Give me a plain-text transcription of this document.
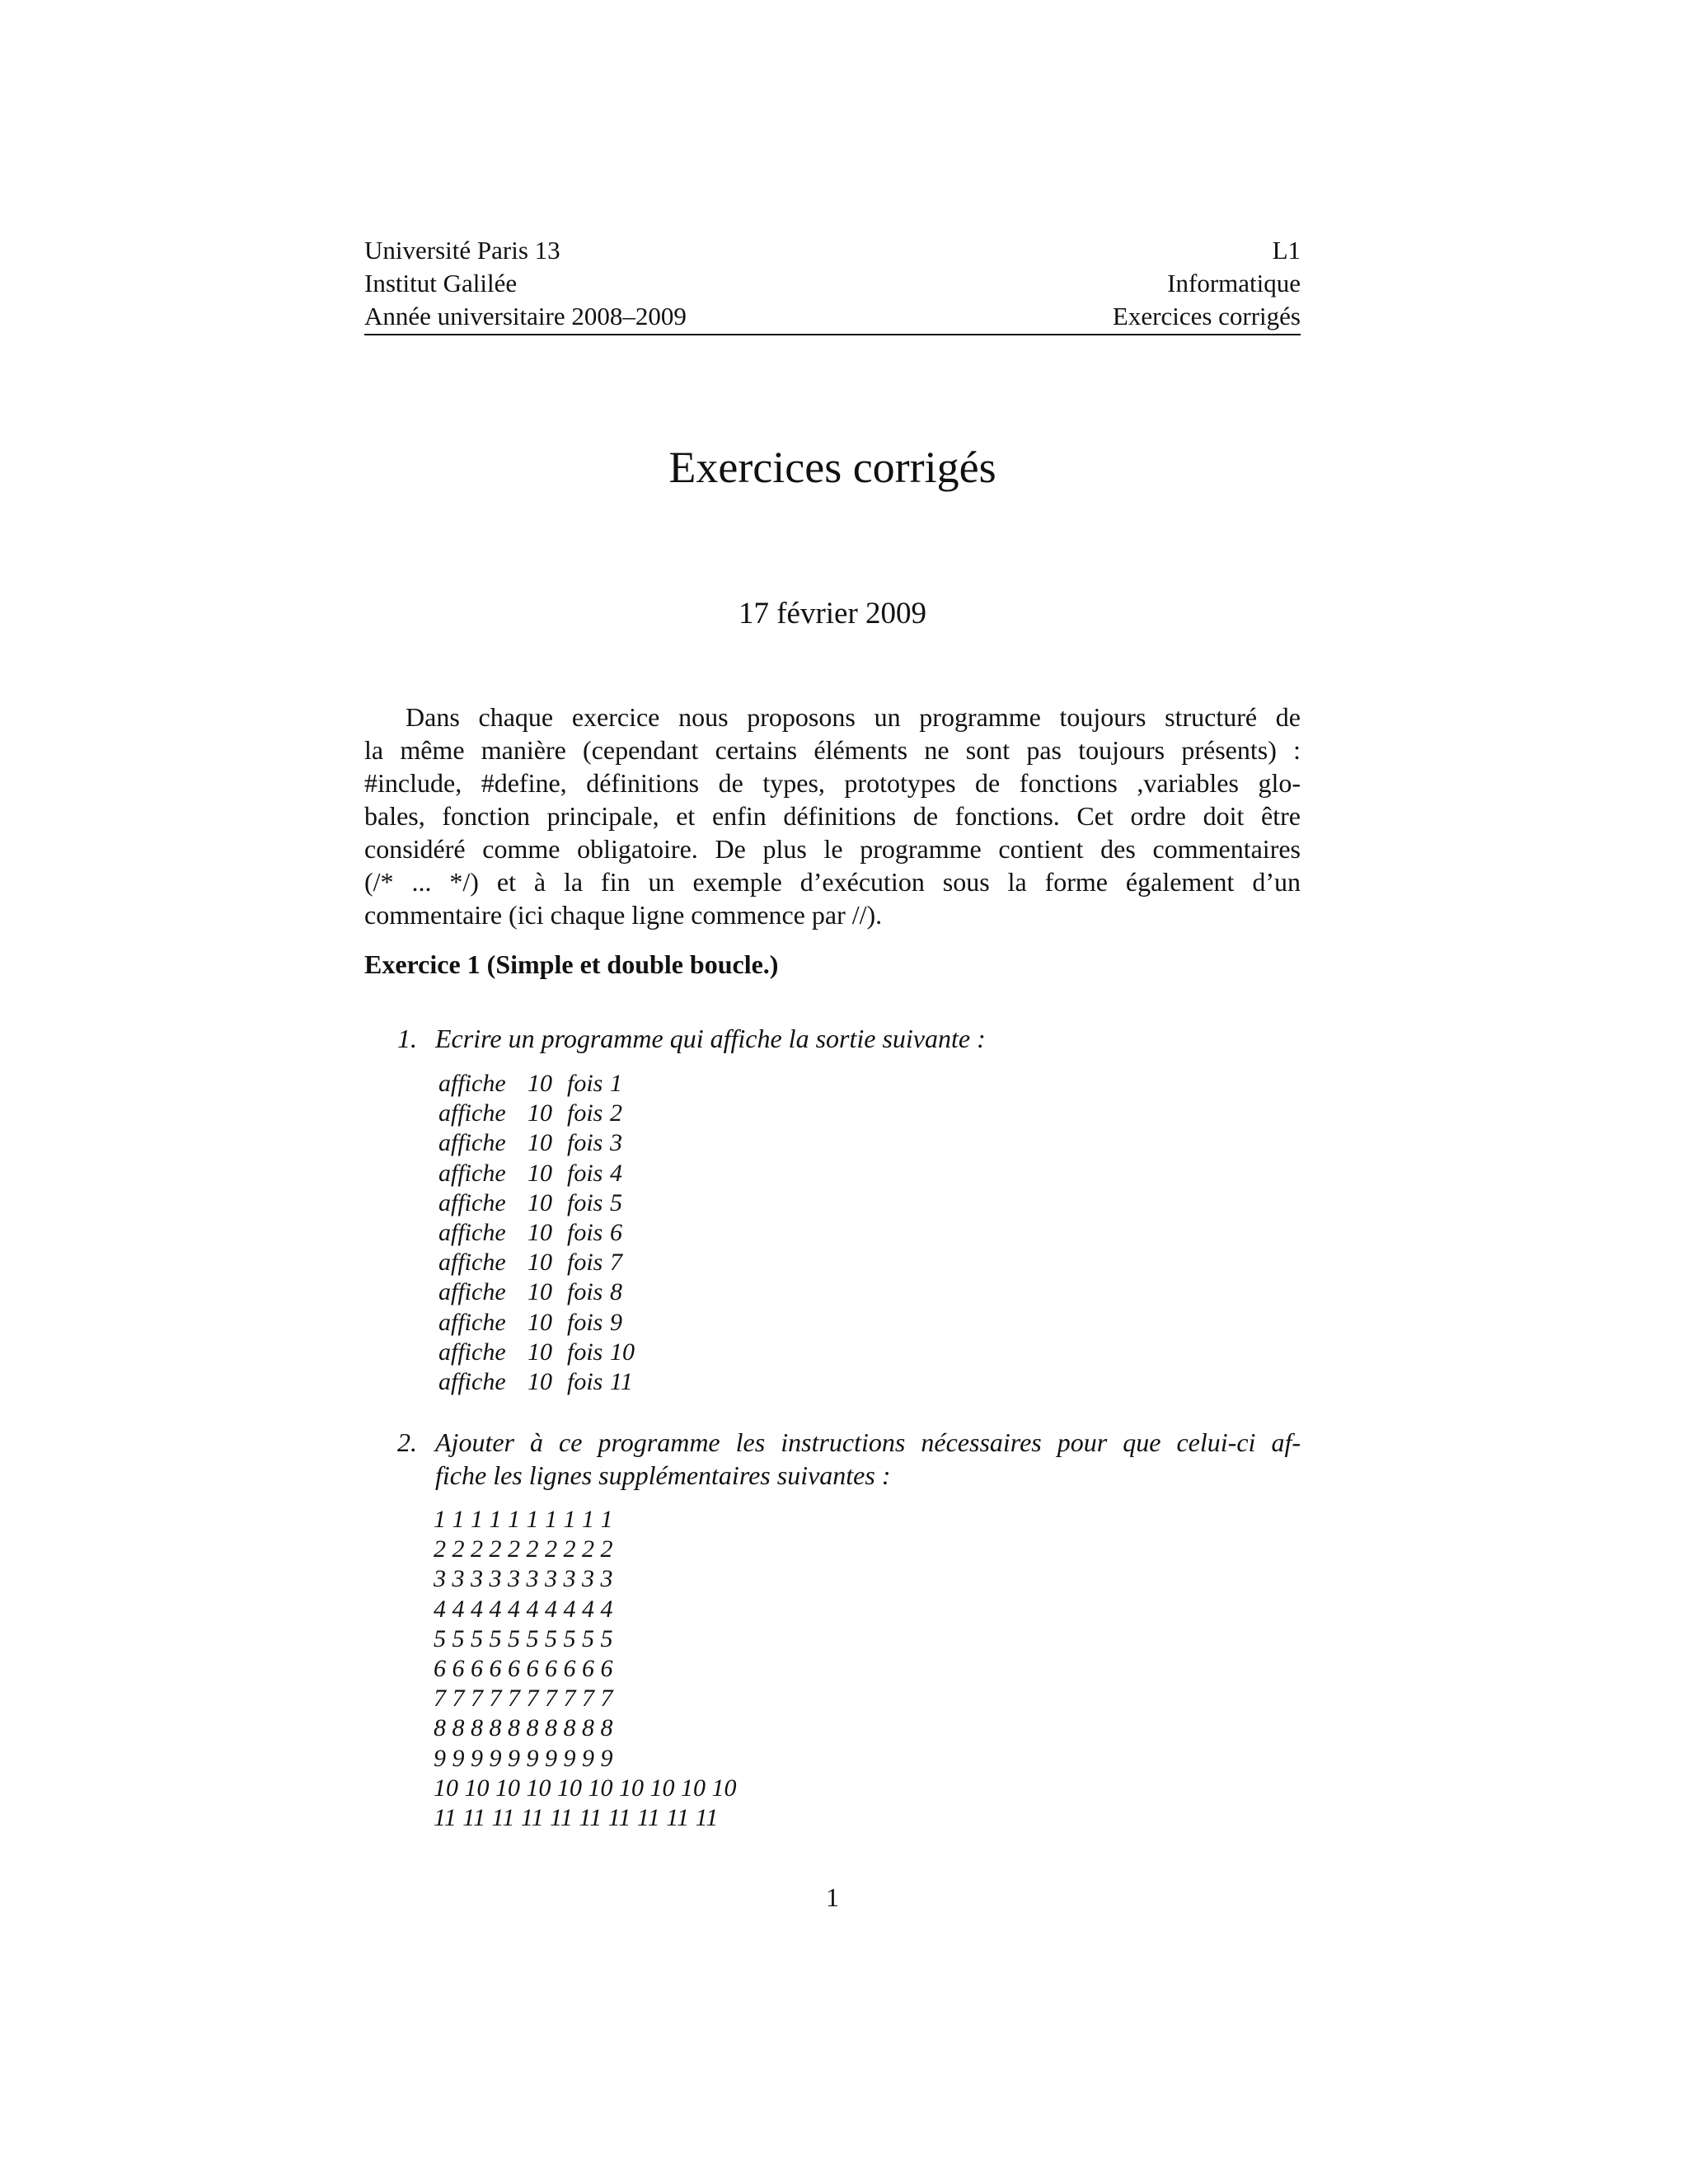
Université Paris 13
Institut Galilée
Année universitaire 2008–2009
L1
Informatique
Exercices corrigés
Exercices corrigés
17 février 2009
Dans chaque exercice nous proposons un programme toujours structuré de
la même manière (cependant certains éléments ne sont pas toujours présents) :
#include, #define, définitions de types, prototypes de fonctions ,variables glo-
bales, fonction principale, et enfin définitions de fonctions. Cet ordre doit être
considéré comme obligatoire. De plus le programme contient des commentaires
(/* ... */) et à la fin un exemple d’exécution sous la forme également d’un
commentaire (ici chaque ligne commence par //).
Exercice 1 (Simple et double boucle.)
1. Ecrire un programme qui affiche la sortie suivante :
affiche 10 fois 1
affiche 10 fois 2
affiche 10 fois 3
affiche 10 fois 4
affiche 10 fois 5
affiche 10 fois 6
affiche 10 fois 7
affiche 10 fois 8
affiche 10 fois 9
affiche 10 fois 10
affiche 10 fois 11
2. Ajouter à ce programme les instructions nécessaires pour que celui-ci af-
fiche les lignes supplémentaires suivantes :
1 1 1 1 1 1 1 1 1 1
2 2 2 2 2 2 2 2 2 2
3 3 3 3 3 3 3 3 3 3
4 4 4 4 4 4 4 4 4 4
5 5 5 5 5 5 5 5 5 5
6 6 6 6 6 6 6 6 6 6
7 7 7 7 7 7 7 7 7 7
8 8 8 8 8 8 8 8 8 8
9 9 9 9 9 9 9 9 9 9
10 10 10 10 10 10 10 10 10 10
11 11 11 11 11 11 11 11 11 11
1
